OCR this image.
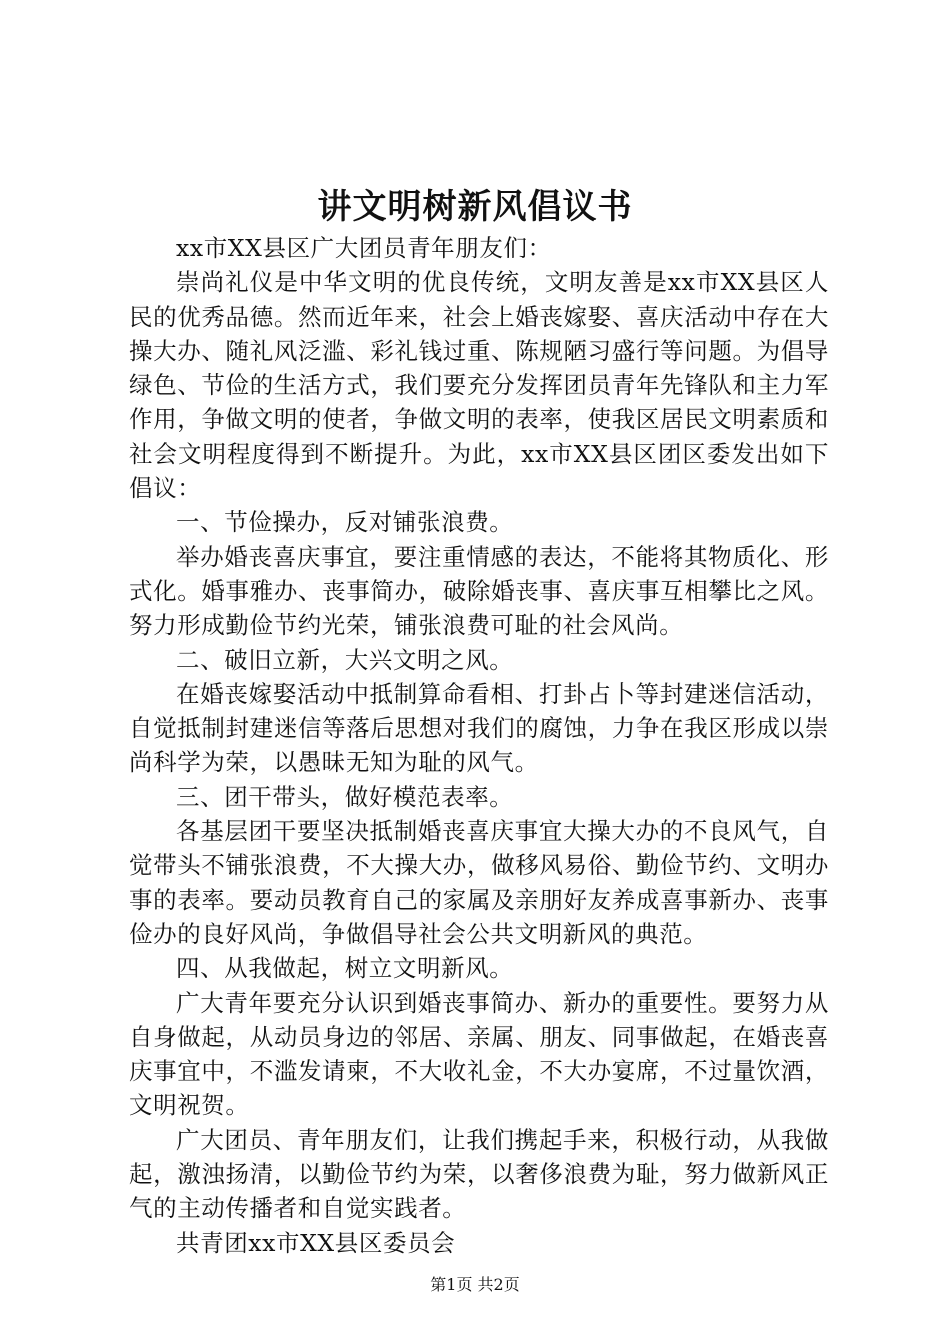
讲文明树新风倡议书

xx市XX县区广大团员青年朋友们：

崇尚礼仪是中华文明的优良传统，文明友善是xx市XX县区人民的优秀品德。然而近年来，社会上婚丧嫁娶、喜庆活动中存在大操大办、随礼风泛滥、彩礼钱过重、陈规陋习盛行等问题。为倡导绿色、节俭的生活方式，我们要充分发挥团员青年先锋队和主力军作用，争做文明的使者，争做文明的表率，使我区居民文明素质和社会文明程度得到不断提升。为此，xx市XX县区团区委发出如下倡议：

一、节俭操办，反对铺张浪费。

举办婚丧喜庆事宜，要注重情感的表达，不能将其物质化、形式化。婚事雅办、丧事简办，破除婚丧事、喜庆事互相攀比之风。努力形成勤俭节约光荣，铺张浪费可耻的社会风尚。

二、破旧立新，大兴文明之风。

在婚丧嫁娶活动中抵制算命看相、打卦占卜等封建迷信活动，自觉抵制封建迷信等落后思想对我们的腐蚀，力争在我区形成以崇尚科学为荣，以愚昧无知为耻的风气。

三、团干带头，做好模范表率。

各基层团干要坚决抵制婚丧喜庆事宜大操大办的不良风气，自觉带头不铺张浪费，不大操大办，做移风易俗、勤俭节约、文明办事的表率。要动员教育自己的家属及亲朋好友养成喜事新办、丧事俭办的良好风尚，争做倡导社会公共文明新风的典范。

四、从我做起，树立文明新风。

广大青年要充分认识到婚丧事简办、新办的重要性。要努力从自身做起，从动员身边的邻居、亲属、朋友、同事做起，在婚丧喜庆事宜中，不滥发请柬，不大收礼金，不大办宴席，不过量饮酒，文明祝贺。

广大团员、青年朋友们，让我们携起手来，积极行动，从我做起，激浊扬清，以勤俭节约为荣，以奢侈浪费为耻，努力做新风正气的主动传播者和自觉实践者。

共青团xx市XX县区委员会

第1页 共2页
